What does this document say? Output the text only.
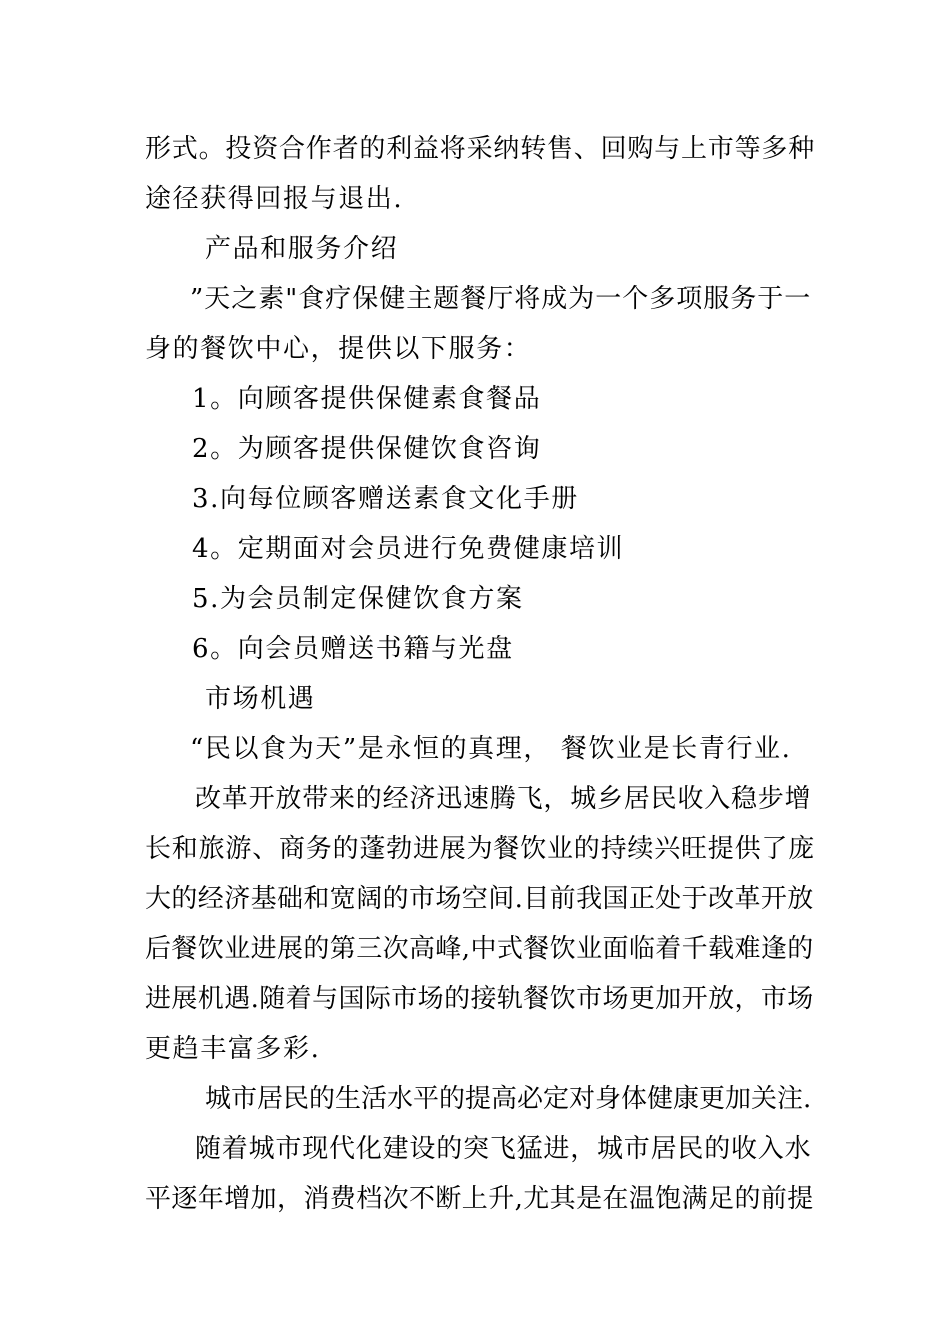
形式。投资合作者的利益将采纳转售、回购与上市等多种
途径获得回报与退出.
产品和服务介绍
”天之素"食疗保健主题餐厅将成为一个多项服务于一
身的餐饮中心，提供以下服务：
1。向顾客提供保健素食餐品
2。为顾客提供保健饮食咨询
3.向每位顾客赠送素食文化手册
4。定期面对会员进行免费健康培训
5.为会员制定保健饮食方案
6。向会员赠送书籍与光盘
市场机遇
“民以食为天”是永恒的真理， 餐饮业是长青行业.
改革开放带来的经济迅速腾飞，城乡居民收入稳步增
长和旅游、商务的蓬勃进展为餐饮业的持续兴旺提供了庞
大的经济基础和宽阔的市场空间.目前我国正处于改革开放
后餐饮业进展的第三次高峰,中式餐饮业面临着千载难逢的
进展机遇.随着与国际市场的接轨餐饮市场更加开放，市场
更趋丰富多彩.
城市居民的生活水平的提高必定对身体健康更加关注.
随着城市现代化建设的突飞猛进，城市居民的收入水
平逐年增加，消费档次不断上升,尤其是在温饱满足的前提
